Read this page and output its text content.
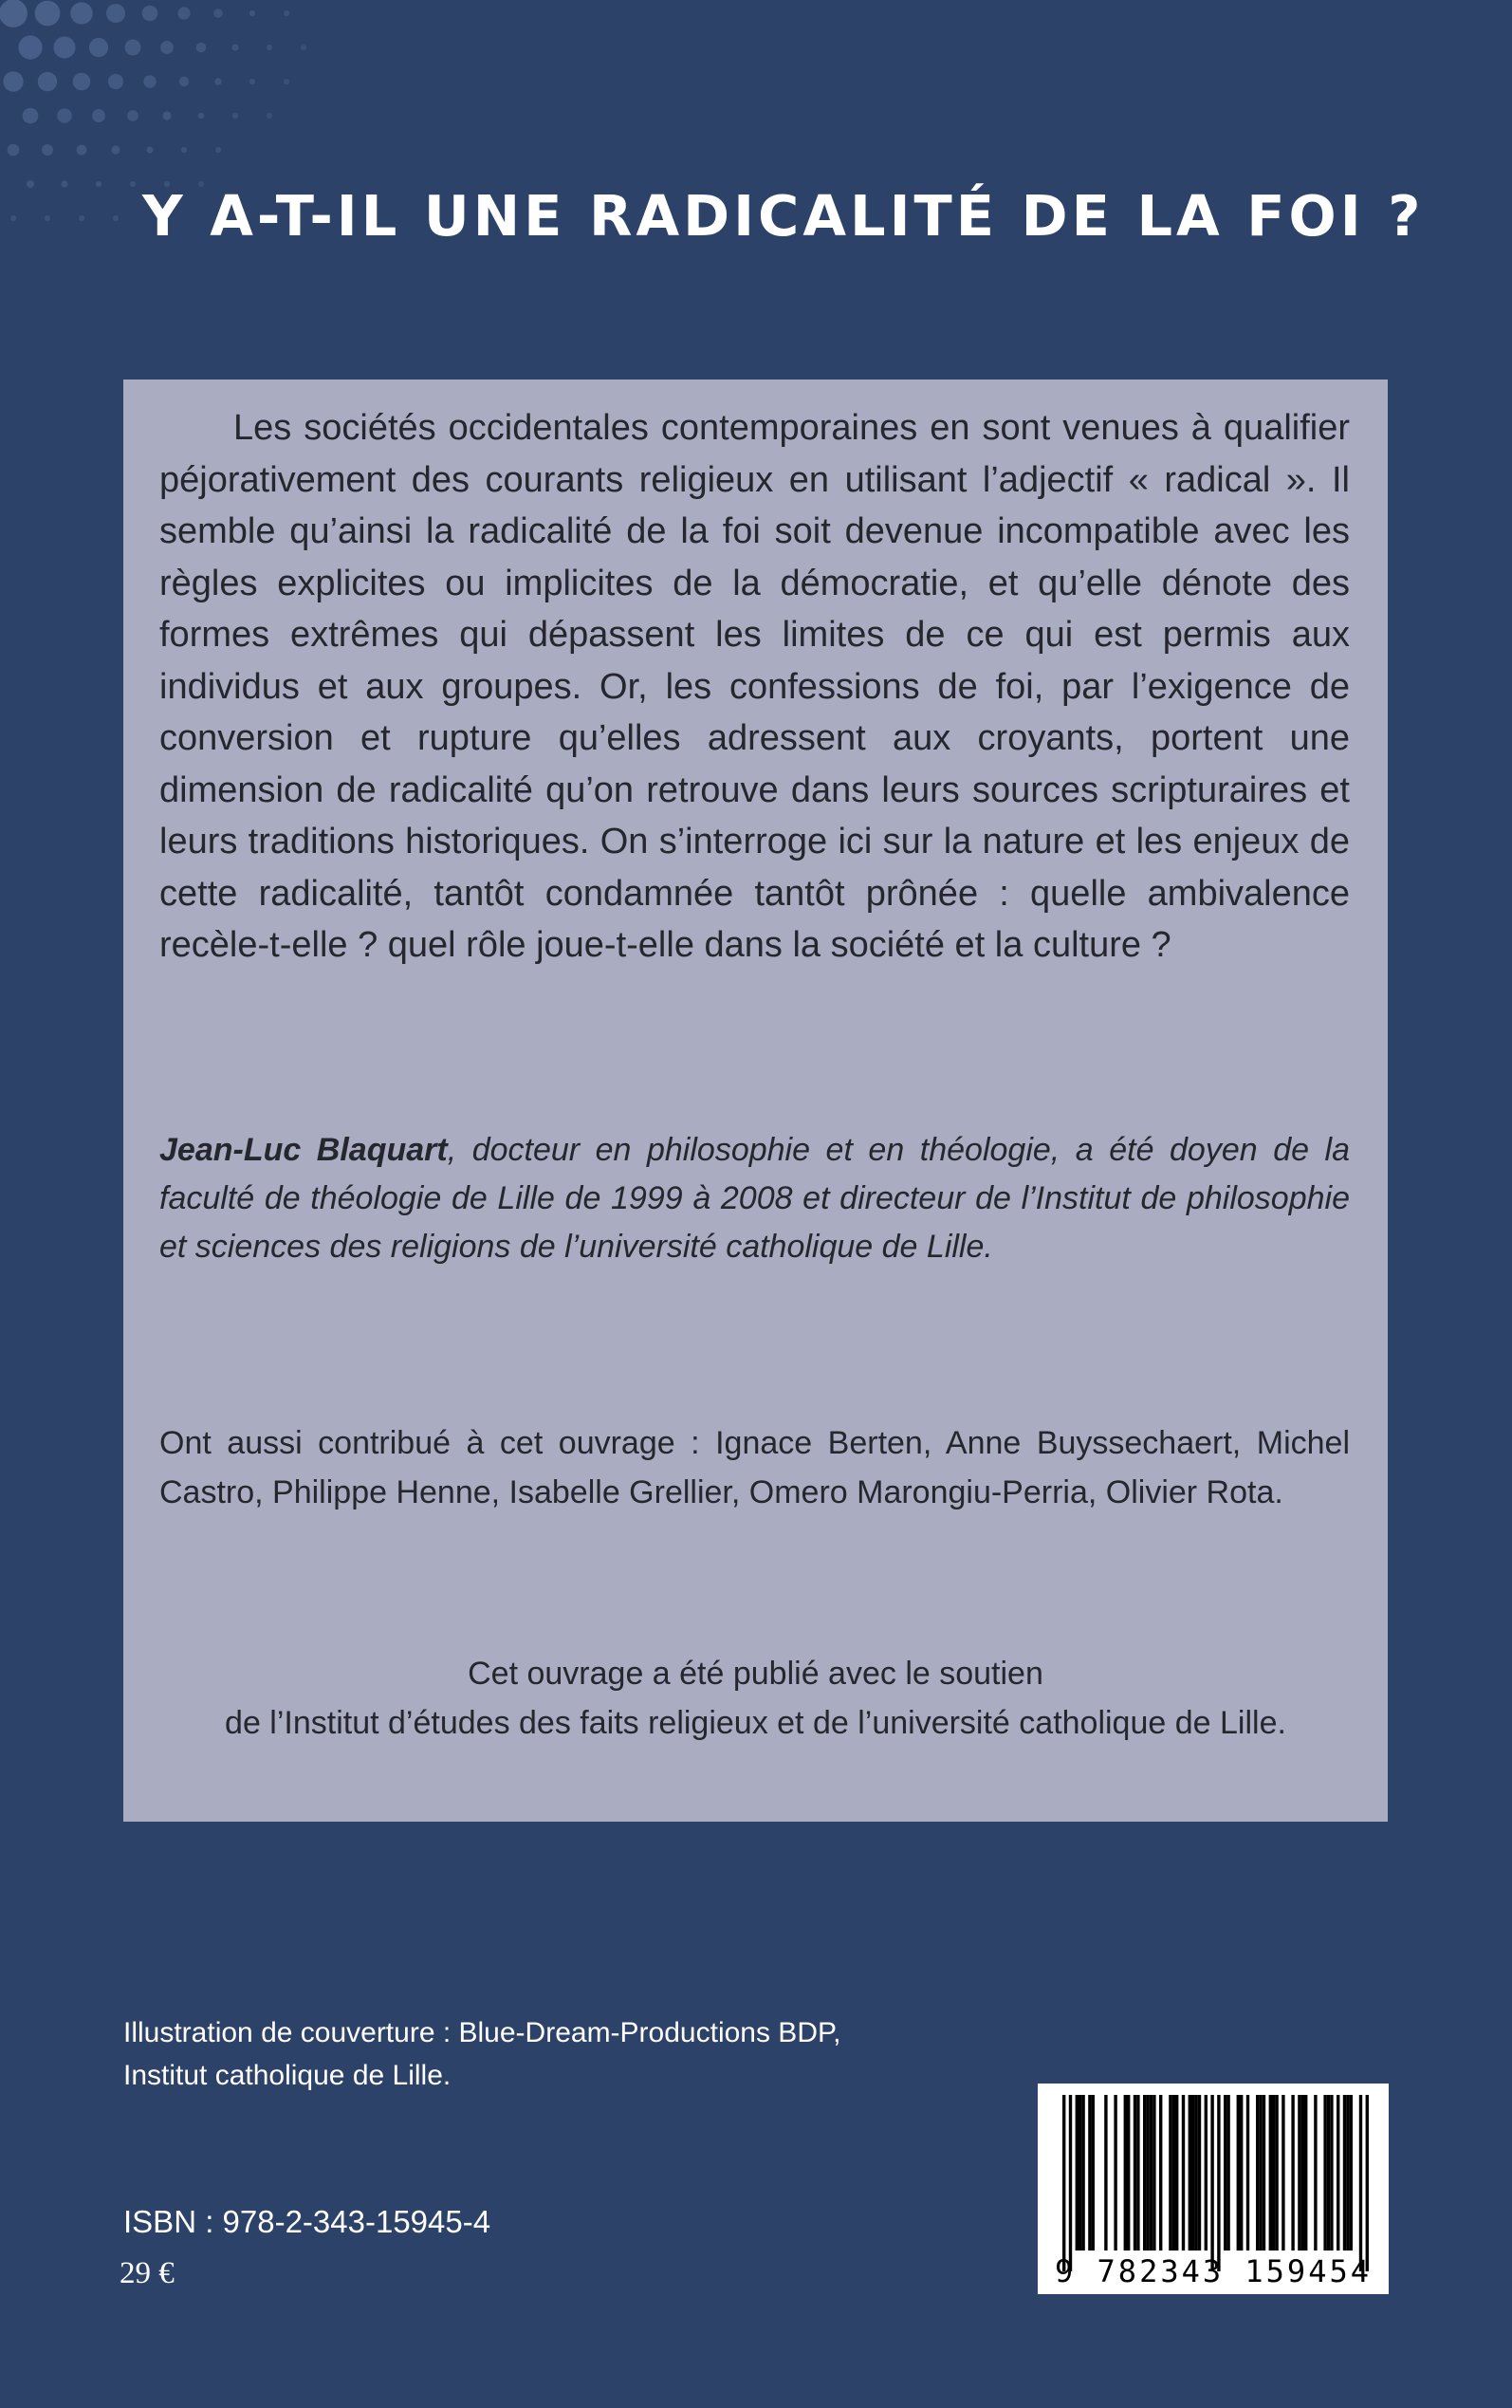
Y A-T-IL UNE RADICALITÉ DE LA FOI ?

Les sociétés occidentales contemporaines en sont venues à qualifier péjorativement des courants religieux en utilisant l’adjectif « radical ». Il semble qu’ainsi la radicalité de la foi soit devenue incompatible avec les règles explicites ou implicites de la démocratie, et qu’elle dénote des formes extrêmes qui dépassent les limites de ce qui est permis aux individus et aux groupes. Or, les confessions de foi, par l’exigence de conversion et rupture qu’elles adressent aux croyants, portent une dimension de radicalité qu’on retrouve dans leurs sources scripturaires et leurs traditions historiques. On s’interroge ici sur la nature et les enjeux de cette radicalité, tantôt condamnée tantôt prônée : quelle ambivalence recèle-t-elle ? quel rôle joue-t-elle dans la société et la culture ?

Jean-Luc Blaquart, docteur en philosophie et en théologie, a été doyen de la faculté de théologie de Lille de 1999 à 2008 et directeur de l’Institut de philosophie et sciences des religions de l’université catholique de Lille.

Ont aussi contribué à cet ouvrage : Ignace Berten, Anne Buyssechaert, Michel Castro, Philippe Henne, Isabelle Grellier, Omero Marongiu-Perria, Olivier Rota.

Cet ouvrage a été publié avec le soutien
de l’Institut d’études des faits religieux et de l’université catholique de Lille.

Illustration de couverture : Blue-Dream-Productions BDP,
Institut catholique de Lille.
ISBN : 978-2-343-15945-4
29 €	9 782343 159454
